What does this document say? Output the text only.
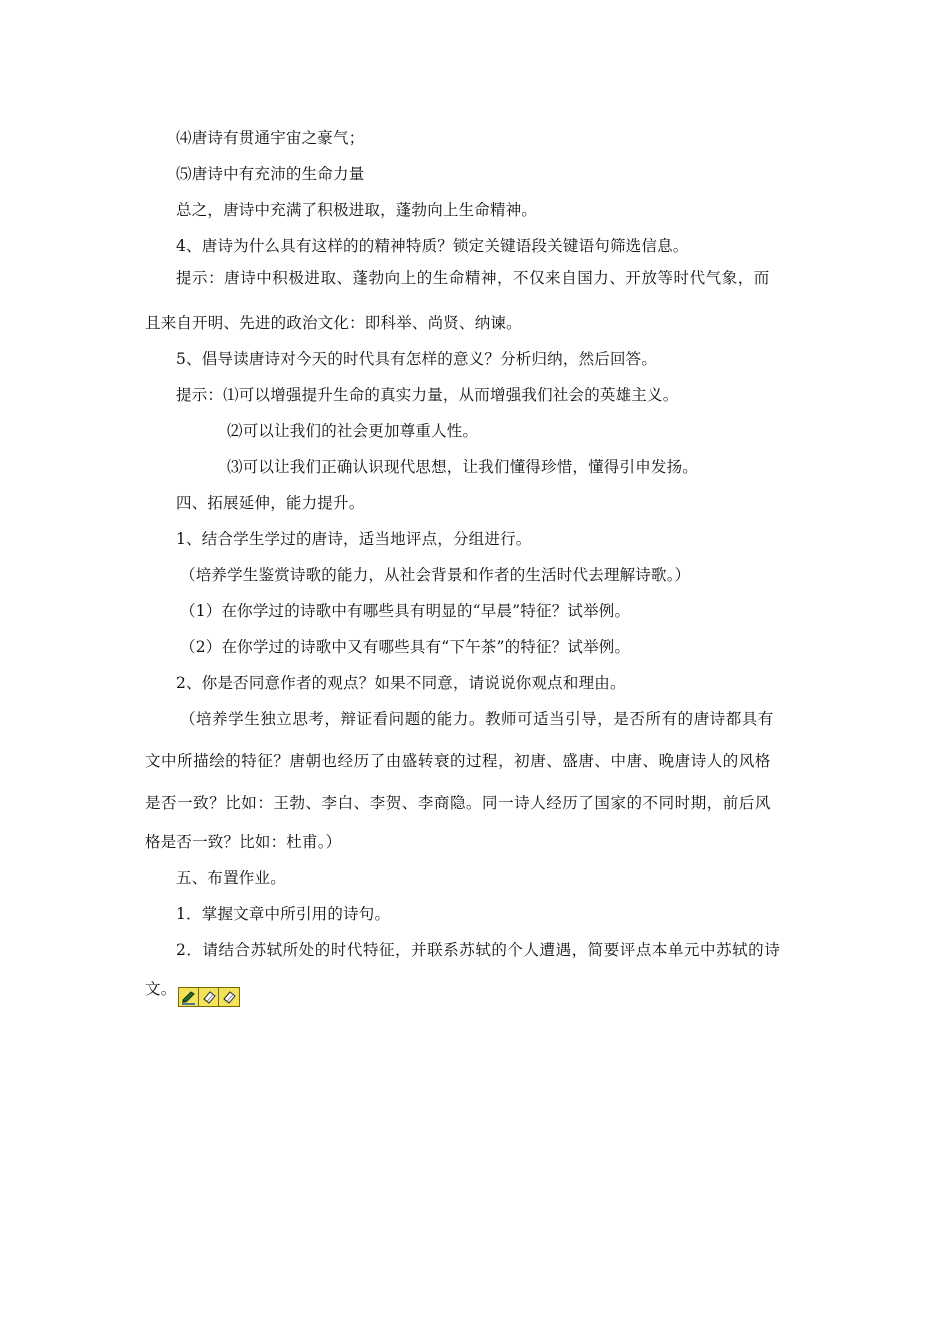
⑷唐诗有贯通宇宙之豪气；
⑸唐诗中有充沛的生命力量
总之，唐诗中充满了积极进取，蓬勃向上生命精神。
4、唐诗为什么具有这样的的精神特质？锁定关键语段关键语句筛选信息。
提示：唐诗中积极进取、蓬勃向上的生命精神，不仅来自国力、开放等时代气象，而
且来自开明、先进的政治文化：即科举、尚贤、纳谏。
5、倡导读唐诗对今天的时代具有怎样的意义？分析归纳，然后回答。
提示：⑴可以增强提升生命的真实力量，从而增强我们社会的英雄主义。
⑵可以让我们的社会更加尊重人性。
⑶可以让我们正确认识现代思想，让我们懂得珍惜，懂得引申发扬。
四、拓展延伸，能力提升。
1、结合学生学过的唐诗，适当地评点，分组进行。
（培养学生鉴赏诗歌的能力，从社会背景和作者的生活时代去理解诗歌。）
（1）在你学过的诗歌中有哪些具有明显的“早晨”特征？试举例。
（2）在你学过的诗歌中又有哪些具有“下午茶”的特征？试举例。
2、你是否同意作者的观点？如果不同意，请说说你观点和理由。
（培养学生独立思考，辩证看问题的能力。教师可适当引导，是否所有的唐诗都具有
文中所描绘的特征？唐朝也经历了由盛转衰的过程，初唐、盛唐、中唐、晚唐诗人的风格
是否一致？比如：王勃、李白、李贺、李商隐。同一诗人经历了国家的不同时期，前后风
格是否一致？比如：杜甫。）
五、布置作业。
1．掌握文章中所引用的诗句。
2．请结合苏轼所处的时代特征，并联系苏轼的个人遭遇，简要评点本单元中苏轼的诗
文。
